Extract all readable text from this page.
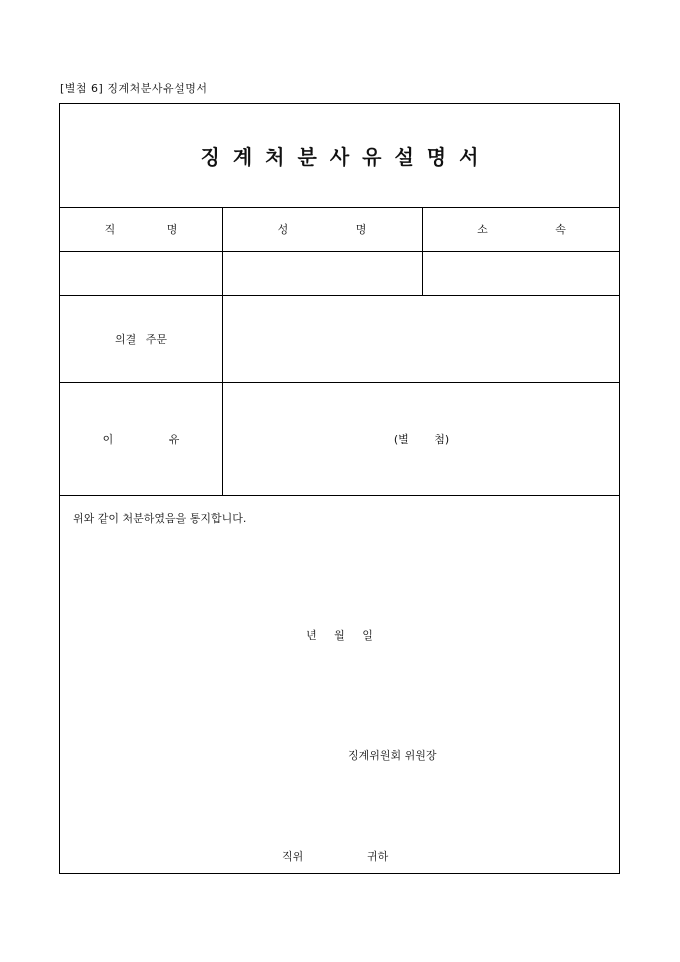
[별첨 6] 징계처분사유설명서
징계처분사유설명서
직 명	성 명	소 속
의결 주문
이 유	(별 첨)
위와 같이 처분하였음을 통지합니다.
년 월 일
징계위원회 위원장
직위	귀하
